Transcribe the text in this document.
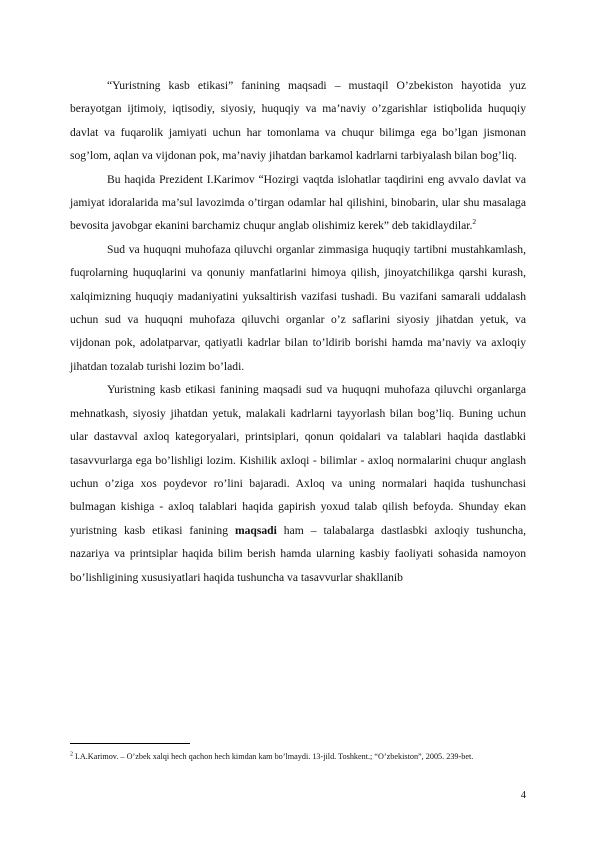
“Yuristning kasb etikasi” fanining maqsadi – mustaqil O’zbekiston hayotida yuz berayotgan ijtimoiy, iqtisodiy, siyosiy, huquqiy va ma’naviy o’zgarishlar istiqbolida huquqiy davlat va fuqarolik jamiyati uchun har tomonlama va chuqur bilimga ega bo’lgan jismonan sog’lom, aqlan va vijdonan pok, ma’naviy jihatdan barkamol kadrlarni tarbiyalash bilan bog’liq.

Bu haqida Prezident I.Karimov “Hozirgi vaqtda islohatlar taqdirini eng avvalo davlat va jamiyat idoralarida ma’sul lavozimda o’tirgan odamlar hal qilishini, binobarin, ular shu masalaga bevosita javobgar ekanini barchamiz chuqur anglab olishimiz kerek” deb takidlaydilar.$^2$

Sud va huquqni muhofaza qiluvchi organlar zimmasiga huquqiy tartibni mustahkamlash, fuqrolarning huquqlarini va qonuniy manfatlarini himoya qilish, jinoyatchilikga qarshi kurash, xalqimizning huquqiy madaniyatini yuksaltirish vazifasi tushadi. Bu vazifani samarali uddalash uchun sud va huquqni muhofaza qiluvchi organlar o’z saflarini siyosiy jihatdan yetuk, va vijdonan pok, adolatparvar, qatiyatli kadrlar bilan to’ldirib borishi hamda ma’naviy va axloqiy jihatdan tozalab turishi lozim bo’ladi.

Yuristning kasb etikasi fanining maqsadi sud va huquqni muhofaza qiluvchi organlarga mehnatkash, siyosiy jihatdan yetuk, malakali kadrlarni tayyorlash bilan bog’liq. Buning uchun ular dastavval axloq kategoryalari, printsiplari, qonun qoidalari va talablari haqida dastlabki tasavvurlarga ega bo’lishligi lozim. Kishilik axloqi - bilimlar - axloq normalarini chuqur anglash uchun o’ziga xos poydevor ro’lini bajaradi. Axloq va uning normalari haqida tushunchasi bulmagan kishiga - axloq talablari haqida gapirish yoxud talab qilish befoyda. Shunday ekan yuristning kasb etikasi fanining maqsadi ham – talabalarga dastlasbki axloqiy tushuncha, nazariya va printsiplar haqida bilim berish hamda ularning kasbiy faoliyati sohasida namoyon bo’lishligining xususiyatlari haqida tushuncha va tasavvurlar shakllanib

$^2$ I.A.Karimov. – O’zbek xalqi hech qachon hech kimdan kam bo’lmaydi. 13-jild. Toshkent.; “O’zbekiston”, 2005. 239-bet.

4
